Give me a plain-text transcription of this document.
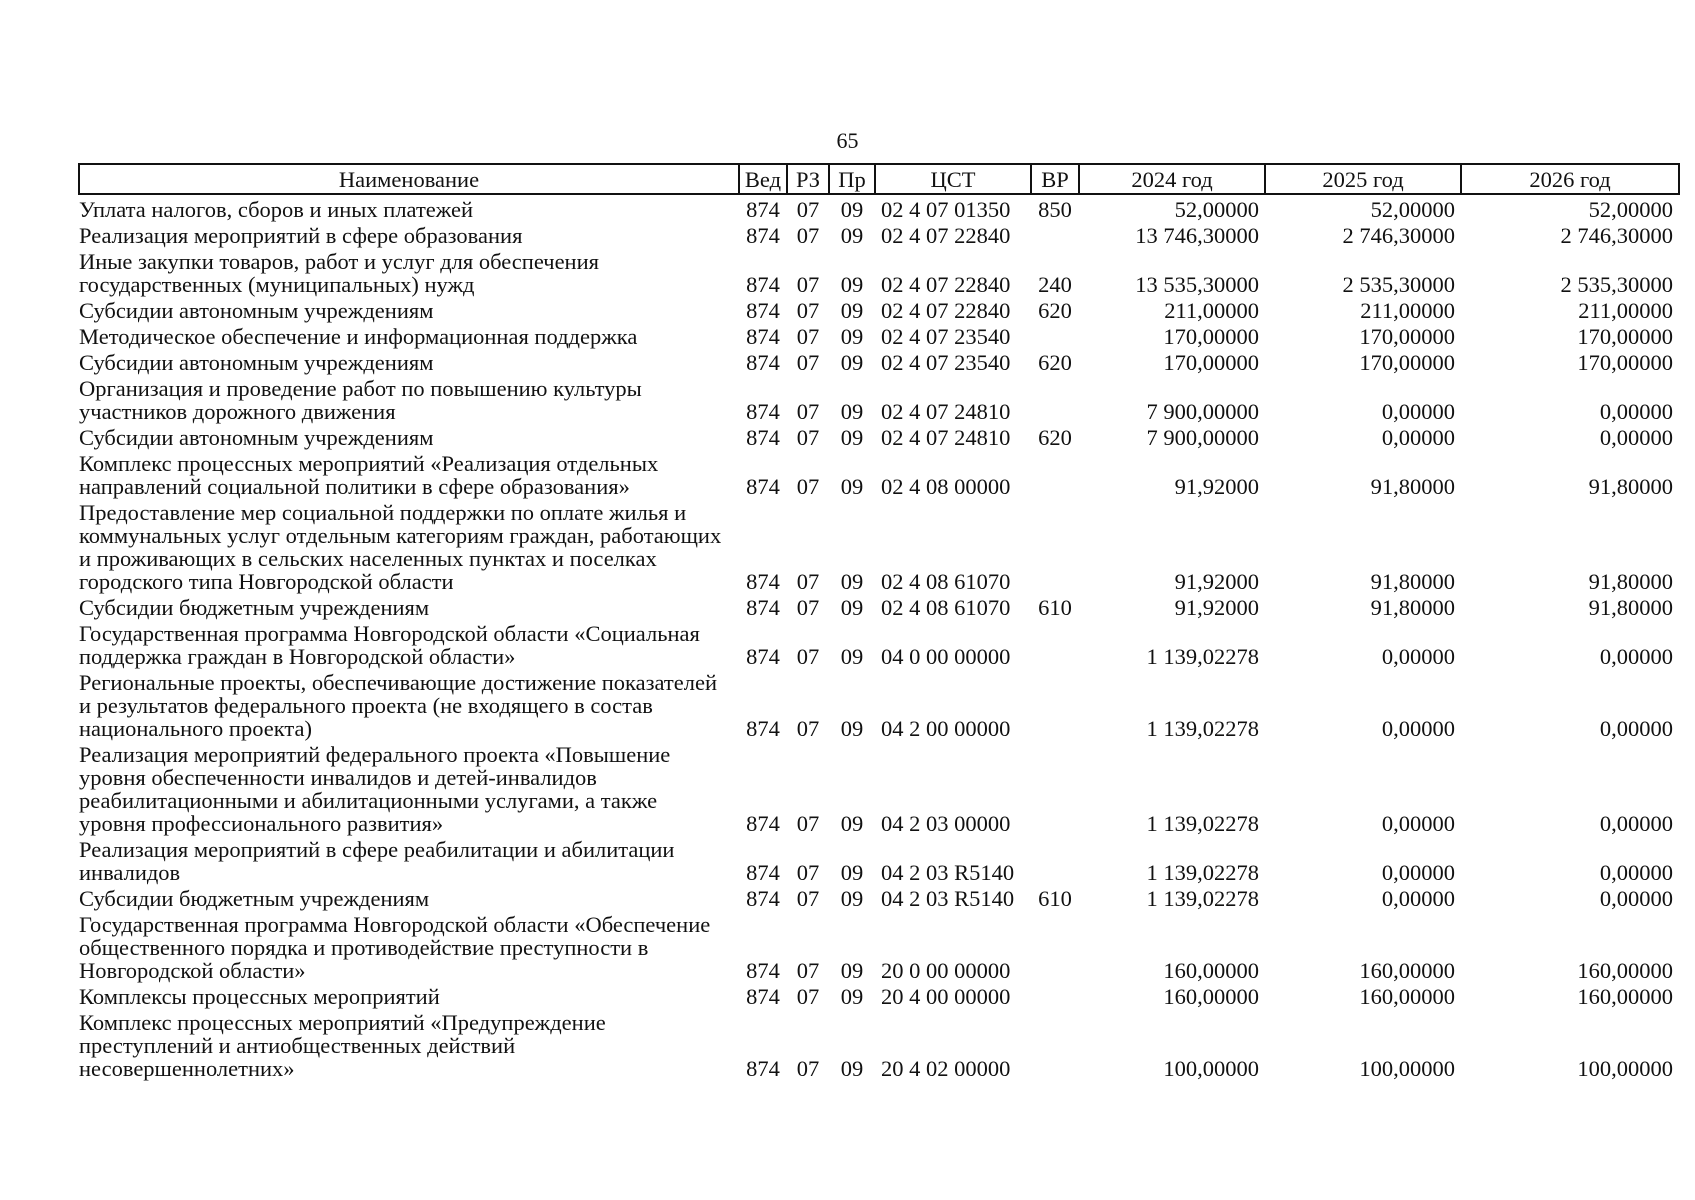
65
Наименование	Вед	РЗ	Пр	ЦСТ	ВР	2024 год	2025 год	2026 год
Уплата налогов, сборов и иных платежей	874	07	09	02 4 07 01350	850	52,00000	52,00000	52,00000
Реализация мероприятий в сфере образования	874	07	09	02 4 07 22840		13 746,30000	2 746,30000	2 746,30000
Иные закупки товаров, работ и услуг для обеспечения государственных (муниципальных) нужд	874	07	09	02 4 07 22840	240	13 535,30000	2 535,30000	2 535,30000
Субсидии автономным учреждениям	874	07	09	02 4 07 22840	620	211,00000	211,00000	211,00000
Методическое обеспечение и информационная поддержка	874	07	09	02 4 07 23540		170,00000	170,00000	170,00000
Субсидии автономным учреждениям	874	07	09	02 4 07 23540	620	170,00000	170,00000	170,00000
Организация и проведение работ по повышению культуры участников дорожного движения	874	07	09	02 4 07 24810		7 900,00000	0,00000	0,00000
Субсидии автономным учреждениям	874	07	09	02 4 07 24810	620	7 900,00000	0,00000	0,00000
Комплекс процессных мероприятий «Реализация отдельных направлений социальной политики в сфере образования»	874	07	09	02 4 08 00000		91,92000	91,80000	91,80000
Предоставление мер социальной поддержки по оплате жилья и коммунальных услуг отдельным категориям граждан, работающих и проживающих в сельских населенных пунктах и поселках городского типа Новгородской области	874	07	09	02 4 08 61070		91,92000	91,80000	91,80000
Субсидии бюджетным учреждениям	874	07	09	02 4 08 61070	610	91,92000	91,80000	91,80000
Государственная программа Новгородской области «Социальная поддержка граждан в Новгородской области»	874	07	09	04 0 00 00000		1 139,02278	0,00000	0,00000
Региональные проекты, обеспечивающие достижение показателей и результатов федерального проекта (не входящего в состав национального проекта)	874	07	09	04 2 00 00000		1 139,02278	0,00000	0,00000
Реализация мероприятий федерального проекта «Повышение уровня обеспеченности инвалидов и детей-инвалидов реабилитационными и абилитационными услугами, а также уровня профессионального развития»	874	07	09	04 2 03 00000		1 139,02278	0,00000	0,00000
Реализация мероприятий в сфере реабилитации и абилитации инвалидов	874	07	09	04 2 03 R5140		1 139,02278	0,00000	0,00000
Субсидии бюджетным учреждениям	874	07	09	04 2 03 R5140	610	1 139,02278	0,00000	0,00000
Государственная программа Новгородской области «Обеспечение общественного порядка и противодействие преступности в Новгородской области»	874	07	09	20 0 00 00000		160,00000	160,00000	160,00000
Комплексы процессных мероприятий	874	07	09	20 4 00 00000		160,00000	160,00000	160,00000
Комплекс процессных мероприятий «Предупреждение преступлений и антиобщественных действий несовершеннолетних»	874	07	09	20 4 02 00000		100,00000	100,00000	100,00000
